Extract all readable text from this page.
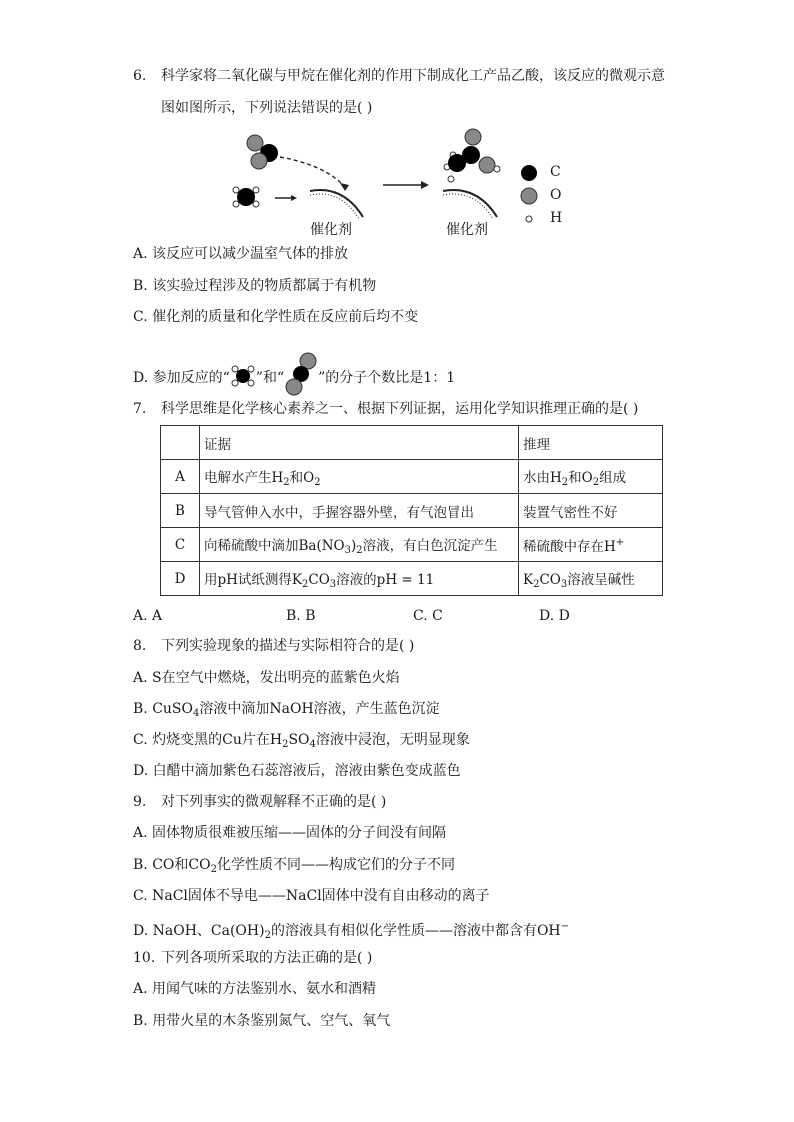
6. 科学家将二氧化碳与甲烷在催化剂的作用下制成化工产品乙酸，该反应的微观示意
图如图所示，下列说法错误的是( )
催化剂	催化剂
C
O
H
A. 该反应可以减少温室气体的排放
B. 该实验过程涉及的物质都属于有机物
C. 催化剂的质量和化学性质在反应前后均不变
D. 参加反应的“ ”和“ ”的分子个数比是1：1
7. 科学思维是化学核心素养之一、根据下列证据，运用化学知识推理正确的是( )
	证据	推理
A	电解水产生$H_2$和$O_2$	水由$H_2$和$O_2$组成
B	导气管伸入水中，手握容器外壁，有气泡冒出	装置气密性不好
C	向稀硫酸中滴加$Ba(NO_3)_2$溶液，有白色沉淀产生	稀硫酸中存在H+
D	用pH试纸测得$K_2CO_3$溶液的pH = 11	$K_2CO_3$溶液呈碱性
A. A	B. B	C. C	D. D
8. 下列实验现象的描述与实际相符合的是( )
A. S在空气中燃烧，发出明亮的蓝紫色火焰
B. CuSO$_4$溶液中滴加NaOH溶液，产生蓝色沉淀
C. 灼烧变黑的Cu片在$H_2SO_4$溶液中浸泡，无明显现象
D. 白醋中滴加紫色石蕊溶液后，溶液由紫色变成蓝色
9. 对下列事实的微观解释不正确的是( )
A. 固体物质很难被压缩——固体的分子间没有间隔
B. CO和$CO_2$化学性质不同——构成它们的分子不同
C. NaCl固体不导电——NaCl固体中没有自由移动的离子
D. NaOH、$Ca(OH)_2$的溶液具有相似化学性质——溶液中都含有OH−
10. 下列各项所采取的方法正确的是( )
A. 用闻气味的方法鉴别水、氨水和酒精
B. 用带火星的木条鉴别氮气、空气、氧气
